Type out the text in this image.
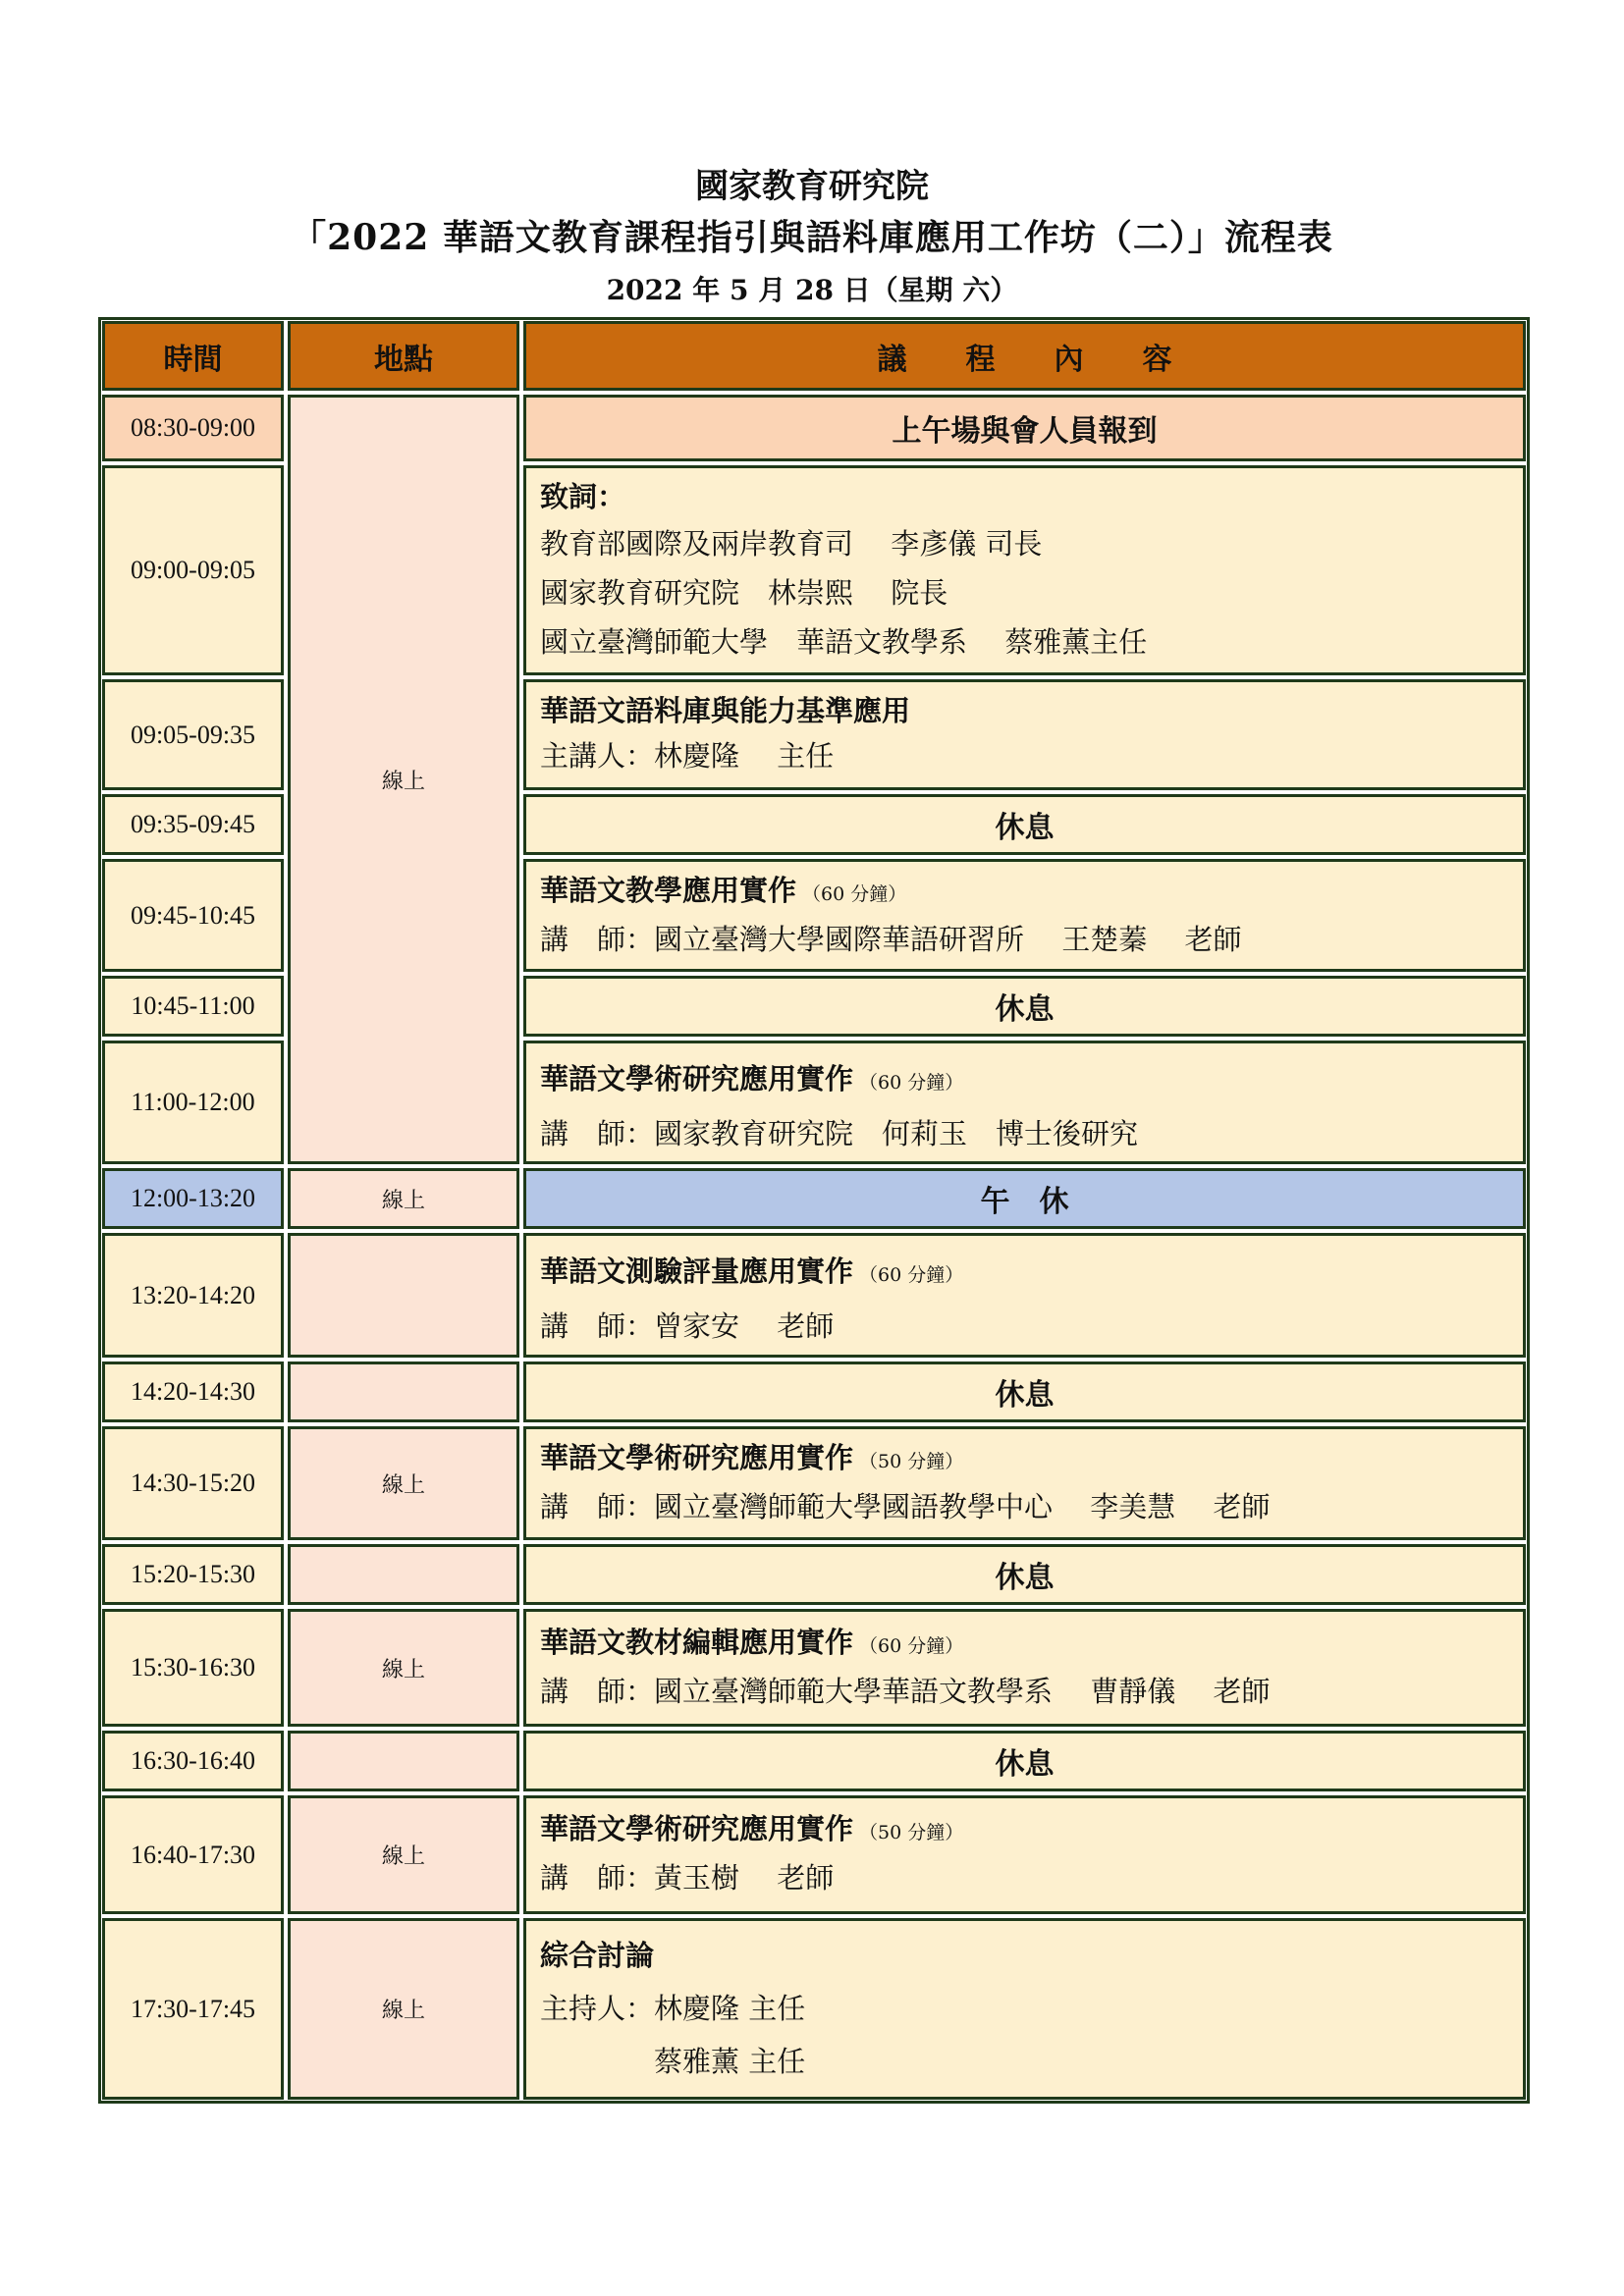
國家教育研究院
「2022 華語文教育課程指引與語料庫應用工作坊（二）」流程表
2022 年 5 月 28 日（星期 六）
時間	地點	議　　程　　內　　容
08:30-09:00
09:00-09:05
09:05-09:35
09:35-09:45
09:45-10:45
10:45-11:00
11:00-12:00
12:00-13:20
13:20-14:20
14:20-14:30
14:30-15:20
15:20-15:30
15:30-16:30
16:30-16:40
16:40-17:30
17:30-17:45
線上
線上
線上
線上
線上
線上
上午場與會人員報到
致詞：
教育部國際及兩岸教育司　 李彥儀 司長
國家教育研究院　林崇熙　 院長
國立臺灣師範大學　華語文教學系　 蔡雅薰主任
華語文語料庫與能力基準應用
主講人：林慶隆　 主任
休息
華語文教學應用實作 （60 分鐘）
講　師：國立臺灣大學國際華語研習所　 王楚蓁　 老師
休息
華語文學術研究應用實作 （60 分鐘）
講　師：國家教育研究院　何莉玉　博士後研究
午　休
華語文測驗評量應用實作 （60 分鐘）
講　師：曾家安　 老師
休息
華語文學術研究應用實作 （50 分鐘）
講　師：國立臺灣師範大學國語教學中心　 李美慧　 老師
休息
華語文教材編輯應用實作 （60 分鐘）
講　師：國立臺灣師範大學華語文教學系　 曹靜儀　 老師
休息
華語文學術研究應用實作 （50 分鐘）
講　師：黃玉樹　 老師
綜合討論
主持人：林慶隆 主任
　　　　蔡雅薰 主任
